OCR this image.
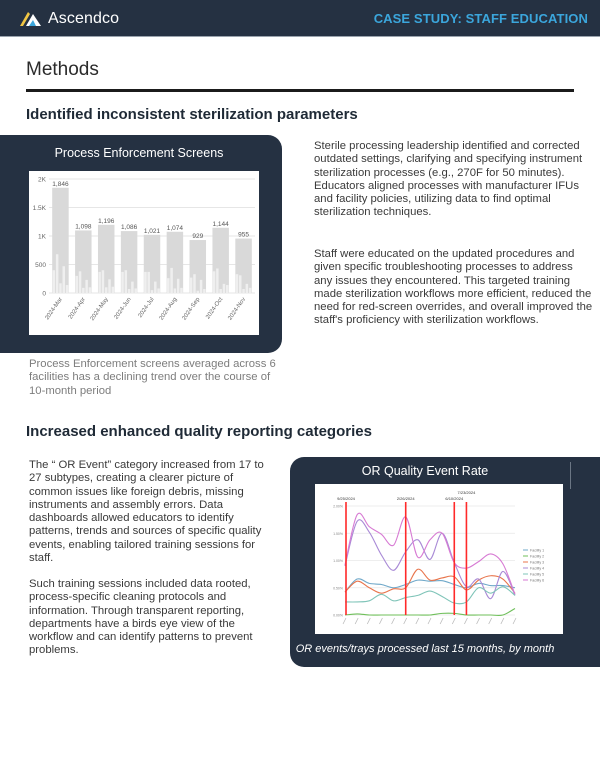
Ascendco	CASE STUDY: STAFF EDUCATION
Methods
Identified inconsistent sterilization parameters
Process Enforcement Screens
0
500
1K
1.5K
2K
1,846
2024-Mar
1,098
2024-Apr
1,196
2024-May
1,086
2024-Jun
1,021
2024-Jul
1,074
2024-Aug
929
2024-Sep
1,144
2024-Oct
955
2024-Nov
Process Enforcement screens averaged across 6 facilities has a declining trend over the course of 10-month period
Sterile processing leadership identified and corrected outdated settings, clarifying and specifying instrument sterilization processes (e.g., 270F for 50 minutes). Educators aligned processes with manufacturer IFUs and facility policies, utilizing data to find optimal sterilization techniques.
Staff were educated on the updated procedures and given specific troubleshooting processes to address any issues they encountered. This targeted training made sterilization workflows more efficient, reduced the need for red-screen overrides, and overall improved the staff's proficiency with sterilization workflows.
Increased enhanced quality reporting categories
The “ OR Event” category increased from 17 to 27 subtypes, creating a clearer picture of common issues like foreign debris, missing instruments and assembly errors. Data dashboards allowed educators to identify patterns, trends and sources of specific quality events, enabling tailored training sessions for staff.
Such training sessions included data rooted, process-specific cleaning protocols and information. Through transparent reporting, departments have a birds eye view of the workflow and can identify patterns to prevent problems.
OR Quality Event Rate
0.00%
0.50%
1.00%
1.50%
2.00%
9/25/2024	2/26/2024	6/10/2024
7/23/2024
Facility 1
Facility 2
Facility 3
Facility 4
Facility 5
Facility 6
OR events/trays processed last 15 months, by month
